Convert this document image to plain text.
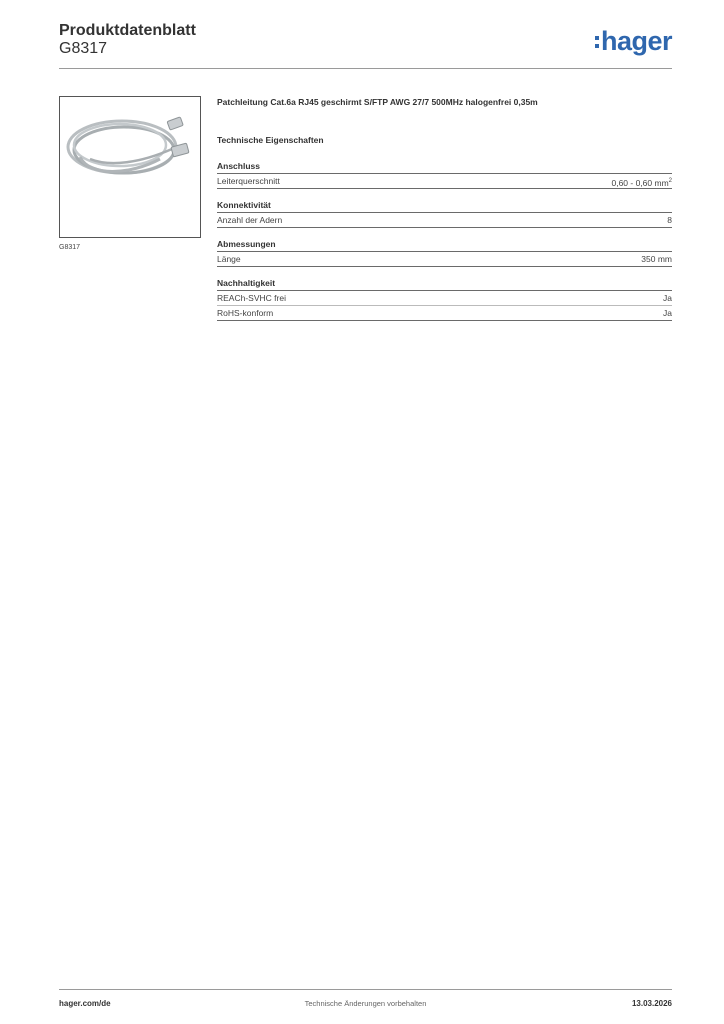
Produktdatenblatt
G8317	hager
G8317
Patchleitung Cat.6a RJ45 geschirmt S/FTP AWG 27/7 500MHz halogenfrei 0,35m
Technische Eigenschaften
Anschluss
Leiterquerschnitt	0,60 - 0,60 $mm^2$
Konnektivität
Anzahl der Adern	8
Abmessungen
Länge	350 mm
Nachhaltigkeit
REACh-SVHC frei	Ja
RoHS-konform	Ja
hager.com/de	Technische Änderungen vorbehalten	13.03.2026
